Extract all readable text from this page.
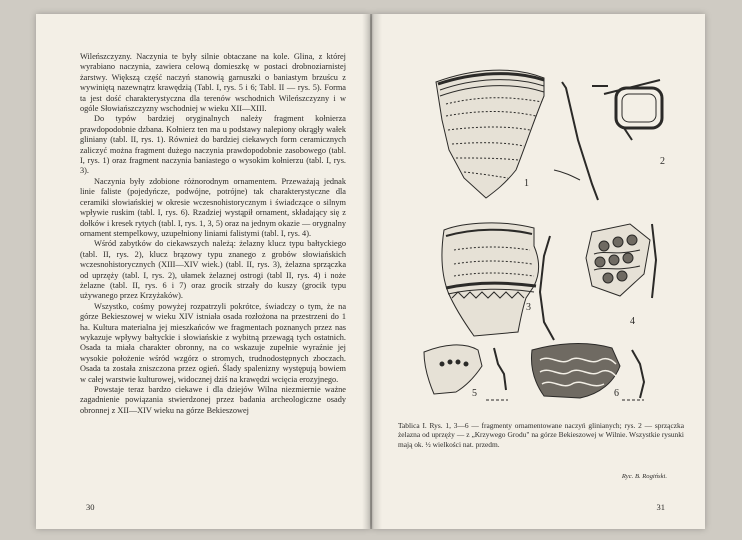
Wileńszczyzny. Naczynia te były silnie obtaczane na kole. Glina, z której wyrabiano naczynia, zawiera celową domieszkę w postaci drobnoziarnistej żarstwy. Większą część naczyń stanowią garnuszki o baniastym brzuścu z wywiniętą nazewnątrz krawędzią (Tabl. I, rys. 5 i 6; Tabl. II — rys. 5). Forma ta jest dość charakterystyczna dla terenów wschodnich Wileńszczyzny i w ogóle Słowiańszczyzny wschodniej w wieku XII—XIII.

Do typów bardziej oryginalnych należy fragment kołnierza prawdopodobnie dzbana. Kołnierz ten ma u podstawy nalepiony okrągły wałek gliniany (tabl. II, rys. 1). Również do bardziej ciekawych form ceramicznych zaliczyć można fragment dużego naczynia prawdopodobnie zasobowego (tabl. I, rys. 1) oraz fragment naczynia baniastego o wysokim kołnierzu (tabl. I, rys. 3).

Naczynia były zdobione różnorodnym ornamentem. Przeważają jednak linie faliste (pojedyńcze, podwójne, potrójne) tak charakterystyczne dla ceramiki słowiańskiej w okresie wczesnohistorycznym i świadczące o silnym wpływie ruskim (tabl. I, rys. 6). Rzadziej wystąpił ornament, składający się z dołków i kresek rytych (tabl. I, rys. 1, 3, 5) oraz na jednym okazie — orygnalny ornament stempelkowy, uzupełniony liniami falistymi (tabl. I, rys. 4).

Wśród zabytków do ciekawszych należą: żelazny klucz typu bałtyckiego (tabl. II, rys. 2), klucz brązowy typu znanego z grobów słowiańskich wczesnohistorycznych (XIII—XIV wiek.) (tabl. II, rys. 3), żelazna sprzączka od uprzęży (tabl. I, rys. 2), ułamek żelaznej ostrogi (tabl II, rys. 4) i noże żelazne (tabl. II, rys. 6 i 7) oraz grocik strzały do kuszy (grocik typu używanego przez Krzyżaków).

Wszystko, cośmy powyżej rozpatrzyli pokrótce, świadczy o tym, że na górze Bekieszowej w wieku XIV istniała osada rozłożona na przestrzeni do 1 ha. Kultura materialna jej mieszkańców we fragmentach poznanych przez nas wykazuje wpływy bałtyckie i słowiańskie z wybitną przewagą tych ostatnich. Osada ta miała charakter obronny, na co wskazuje zupełnie wyraźnie jej wysokie położenie wśród wzgórz o stromych, trudnodostępnych zboczach. Osada ta została zniszczona przez ogień. Ślady spalenizny występują bowiem w całej warstwie kulturowej, widocznej dziś na krawędzi wcięcia erozyjnego.

Powstaje teraz bardzo ciekawe i dla dziejów Wilna niezmiernie ważne zagadnienie powiązania stwierdzonej przez badania archeologiczne osady obronnej z XII—XIV wieku na górze Bekieszowej

30
1
2
3
4
5	6
Tablica I. Rys. 1, 3—6 — fragmenty ornamentowane naczyń glinianych; rys. 2 — sprzączka żelazna od uprzęży — z „Krzywego Grodu" na górze Bekieszowej w Wilnie. Wszystkie rysunki mają ok. ½ wielkości nat. przedm.
Ryc. B. Rogiński.
31
